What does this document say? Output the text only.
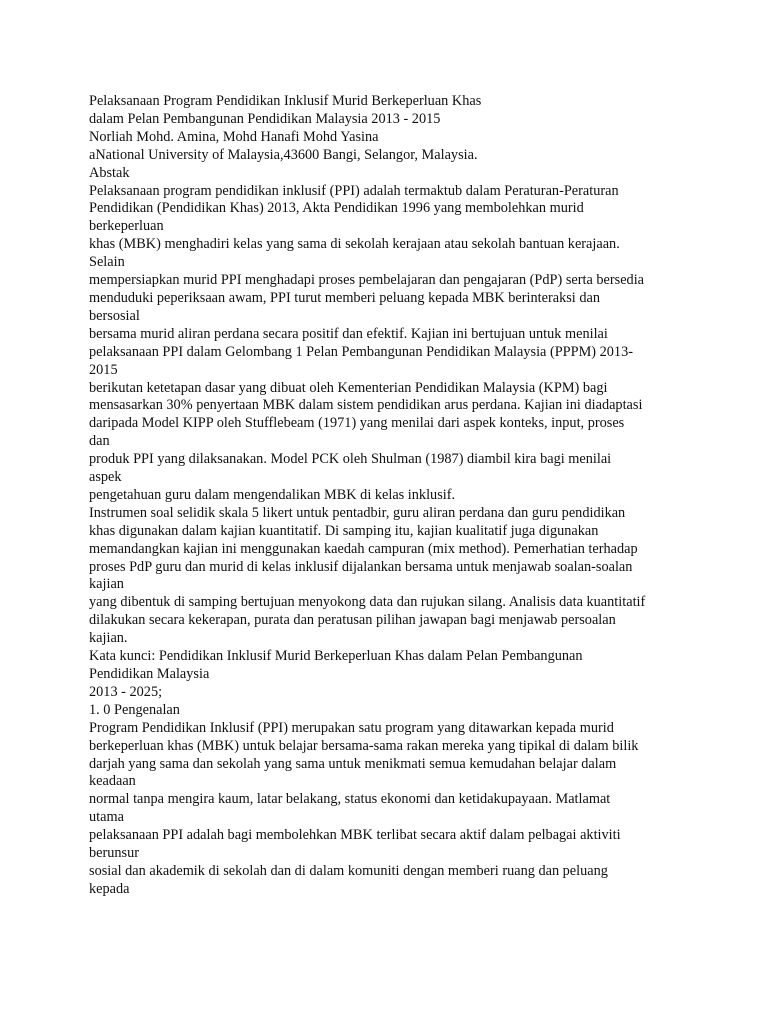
Pelaksanaan Program Pendidikan Inklusif Murid Berkeperluan Khas
dalam Pelan Pembangunan Pendidikan Malaysia 2013 - 2015
Norliah Mohd. Amina, Mohd Hanafi Mohd Yasina
aNational University of Malaysia,43600 Bangi, Selangor, Malaysia.
Abstak
Pelaksanaan program pendidikan inklusif (PPI) adalah termaktub dalam Peraturan-Peraturan
Pendidikan (Pendidikan Khas) 2013, Akta Pendidikan 1996 yang membolehkan murid
berkeperluan
khas (MBK) menghadiri kelas yang sama di sekolah kerajaan atau sekolah bantuan kerajaan.
Selain
mempersiapkan murid PPI menghadapi proses pembelajaran dan pengajaran (PdP) serta bersedia
menduduki peperiksaan awam, PPI turut memberi peluang kepada MBK berinteraksi dan
bersosial
bersama murid aliran perdana secara positif dan efektif. Kajian ini bertujuan untuk menilai
pelaksanaan PPI dalam Gelombang 1 Pelan Pembangunan Pendidikan Malaysia (PPPM) 2013-
2015
berikutan ketetapan dasar yang dibuat oleh Kementerian Pendidikan Malaysia (KPM) bagi
mensasarkan 30% penyertaan MBK dalam sistem pendidikan arus perdana. Kajian ini diadaptasi
daripada Model KIPP oleh Stufflebeam (1971) yang menilai dari aspek konteks, input, proses
dan
produk PPI yang dilaksanakan. Model PCK oleh Shulman (1987) diambil kira bagi menilai
aspek
pengetahuan guru dalam mengendalikan MBK di kelas inklusif.
Instrumen soal selidik skala 5 likert untuk pentadbir, guru aliran perdana dan guru pendidikan
khas digunakan dalam kajian kuantitatif. Di samping itu, kajian kualitatif juga digunakan
memandangkan kajian ini menggunakan kaedah campuran (mix method). Pemerhatian terhadap
proses PdP guru dan murid di kelas inklusif dijalankan bersama untuk menjawab soalan-soalan
kajian
yang dibentuk di samping bertujuan menyokong data dan rujukan silang. Analisis data kuantitatif
dilakukan secara kekerapan, purata dan peratusan pilihan jawapan bagi menjawab persoalan
kajian.
Kata kunci: Pendidikan Inklusif Murid Berkeperluan Khas dalam Pelan Pembangunan
Pendidikan Malaysia
2013 - 2025;
1. 0 Pengenalan
Program Pendidikan Inklusif (PPI) merupakan satu program yang ditawarkan kepada murid
berkeperluan khas (MBK) untuk belajar bersama-sama rakan mereka yang tipikal di dalam bilik
darjah yang sama dan sekolah yang sama untuk menikmati semua kemudahan belajar dalam
keadaan
normal tanpa mengira kaum, latar belakang, status ekonomi dan ketidakupayaan. Matlamat
utama
pelaksanaan PPI adalah bagi membolehkan MBK terlibat secara aktif dalam pelbagai aktiviti
berunsur
sosial dan akademik di sekolah dan di dalam komuniti dengan memberi ruang dan peluang
kepada
